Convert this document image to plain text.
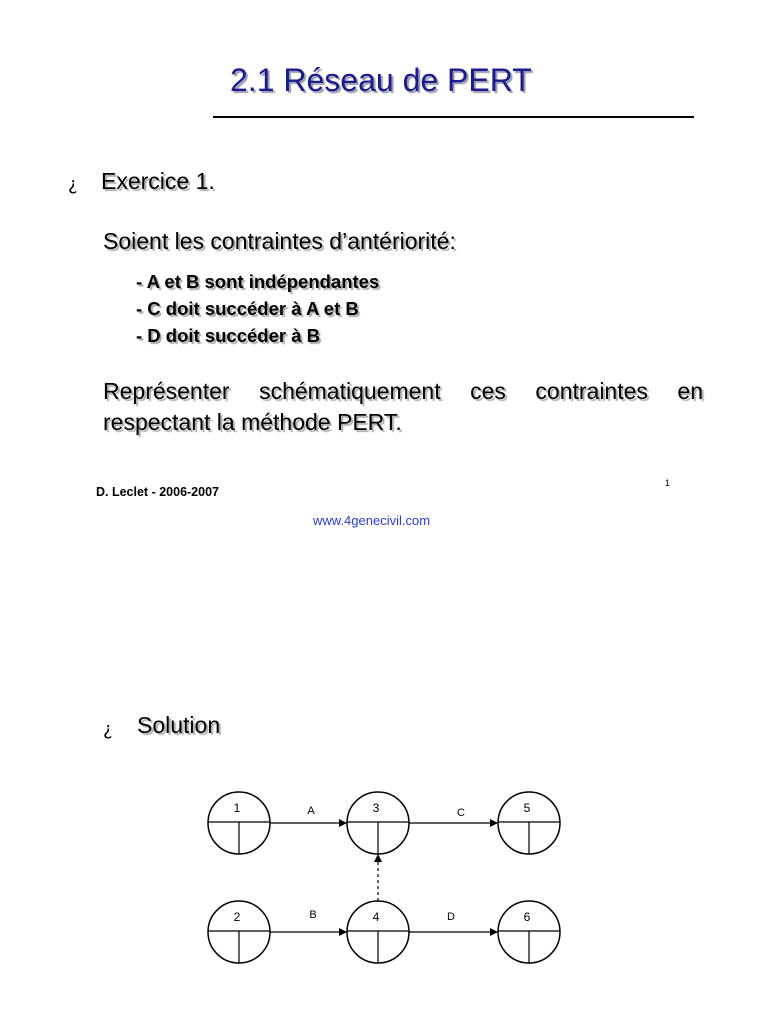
2.1 Réseau de PERT
¿ Exercice 1.
Soient les contraintes d’antériorité:
- A et B sont indépendantes
- C doit succéder à A et B
- D doit succéder à B
Représenter schématiquement ces contraintes en respectant la méthode PERT.
D. Leclet - 2006-2007
1
www.4genecivil.com
¿ Solution
A
B
C
D
1
2
3
4
5
6
